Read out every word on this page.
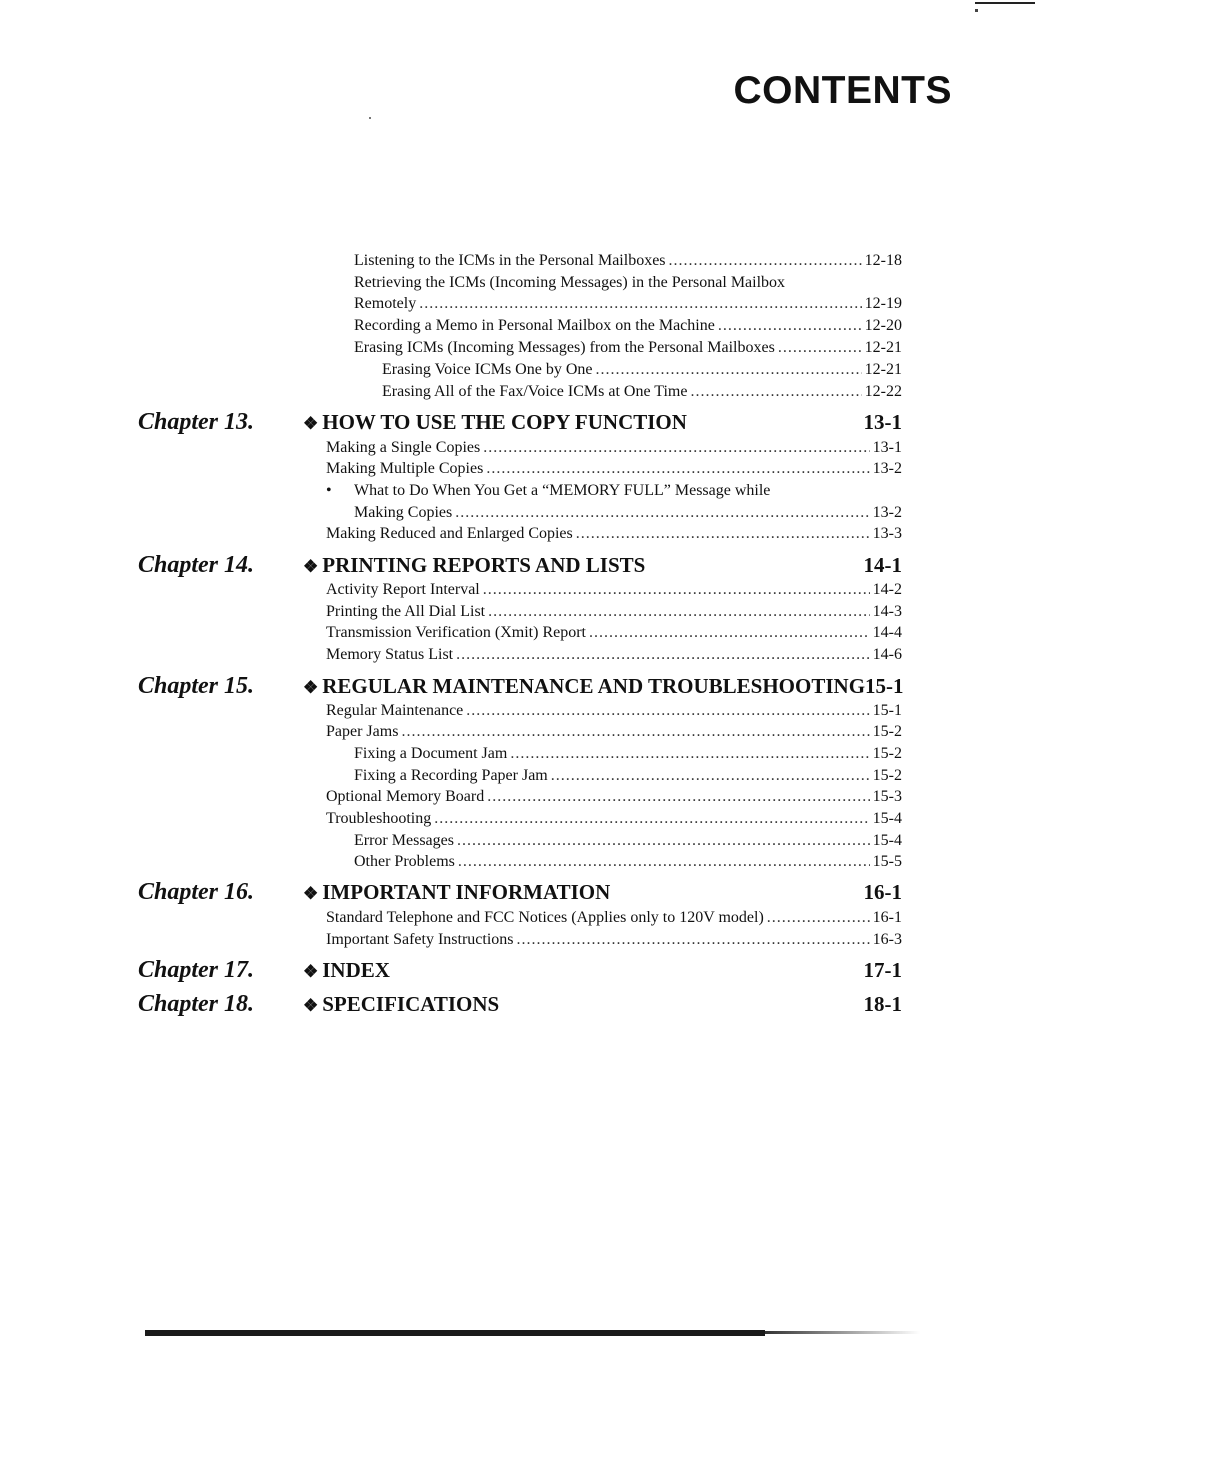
CONTENTS
Listening to the ICMs in the Personal Mailboxes .....	12-18
Retrieving the ICMs (Incoming Messages) in the Personal Mailbox
Remotely .....	12-19
Recording a Memo in Personal Mailbox on the Machine .....	12-20
Erasing ICMs (Incoming Messages) from the Personal Mailboxes .....	12-21
Erasing Voice ICMs One by One .....	12-21
Erasing All of the Fax/Voice ICMs at One Time .....	12-22
Chapter 13.	❖ HOW TO USE THE COPY FUNCTION	13-1
Making a Single Copies .....	13-1
Making Multiple Copies .....	13-2
• What to Do When You Get a “MEMORY FULL” Message while
Making Copies .....	13-2
Making Reduced and Enlarged Copies .....	13-3
Chapter 14.	❖ PRINTING REPORTS AND LISTS	14-1
Activity Report Interval .....	14-2
Printing the All Dial List .....	14-3
Transmission Verification (Xmit) Report .....	14-4
Memory Status List .....	14-6
Chapter 15.	❖ REGULAR MAINTENANCE AND TROUBLESHOOTING 15-1
Regular Maintenance .....	15-1
Paper Jams .....	15-2
Fixing a Document Jam .....	15-2
Fixing a Recording Paper Jam .....	15-2
Optional Memory Board .....	15-3
Troubleshooting .....	15-4
Error Messages .....	15-4
Other Problems .....	15-5
Chapter 16.	❖ IMPORTANT INFORMATION	16-1
Standard Telephone and FCC Notices (Applies only to 120V model) .....	16-1
Important Safety Instructions .....	16-3
Chapter 17.	❖ INDEX	17-1
Chapter 18.	❖ SPECIFICATIONS	18-1
